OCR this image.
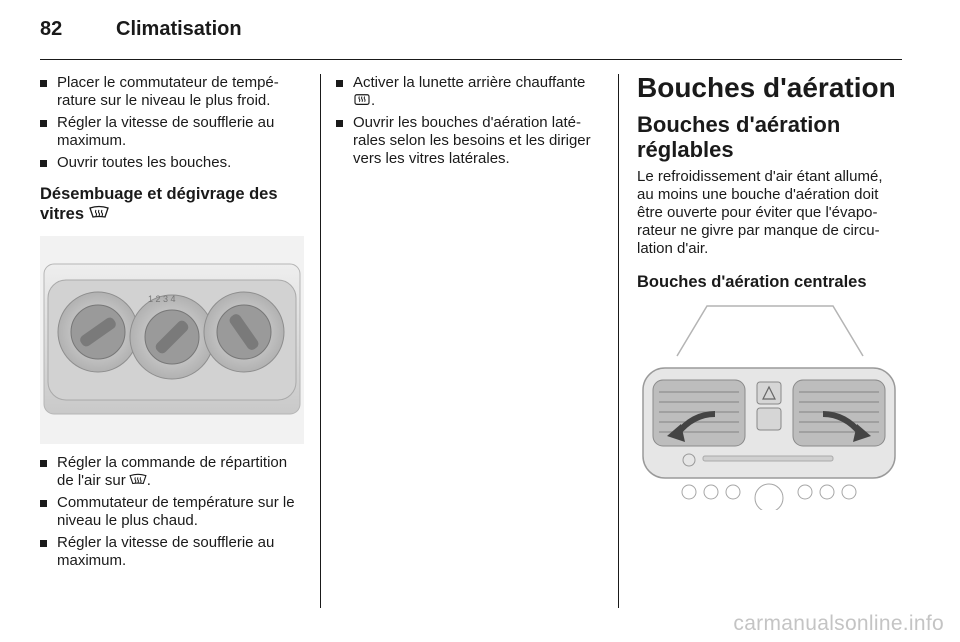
82	Climatisation
Placer le commutateur de température sur le niveau le plus froid.
Régler la vitesse de soufflerie au maximum.
Ouvrir toutes les bouches.

Désembuage et dégivrage des vitres

1 2 3 4
Régler la commande de répartition de l'air sur .
Commutateur de température sur le niveau le plus chaud.
Régler la vitesse de soufflerie au maximum.
Activer la lunette arrière chauffante
.
Ouvrir les bouches d'aération latérales selon les besoins et les diriger vers les vitres latérales.

Bouches d'aération

Bouches d'aération réglables

Le refroidissement d'air étant allumé, au moins une bouche d'aération doit être ouverte pour éviter que l'évaporateur ne givre par manque de circulation d'air.

Bouches d'aération centrales

carmanualsonline.info
